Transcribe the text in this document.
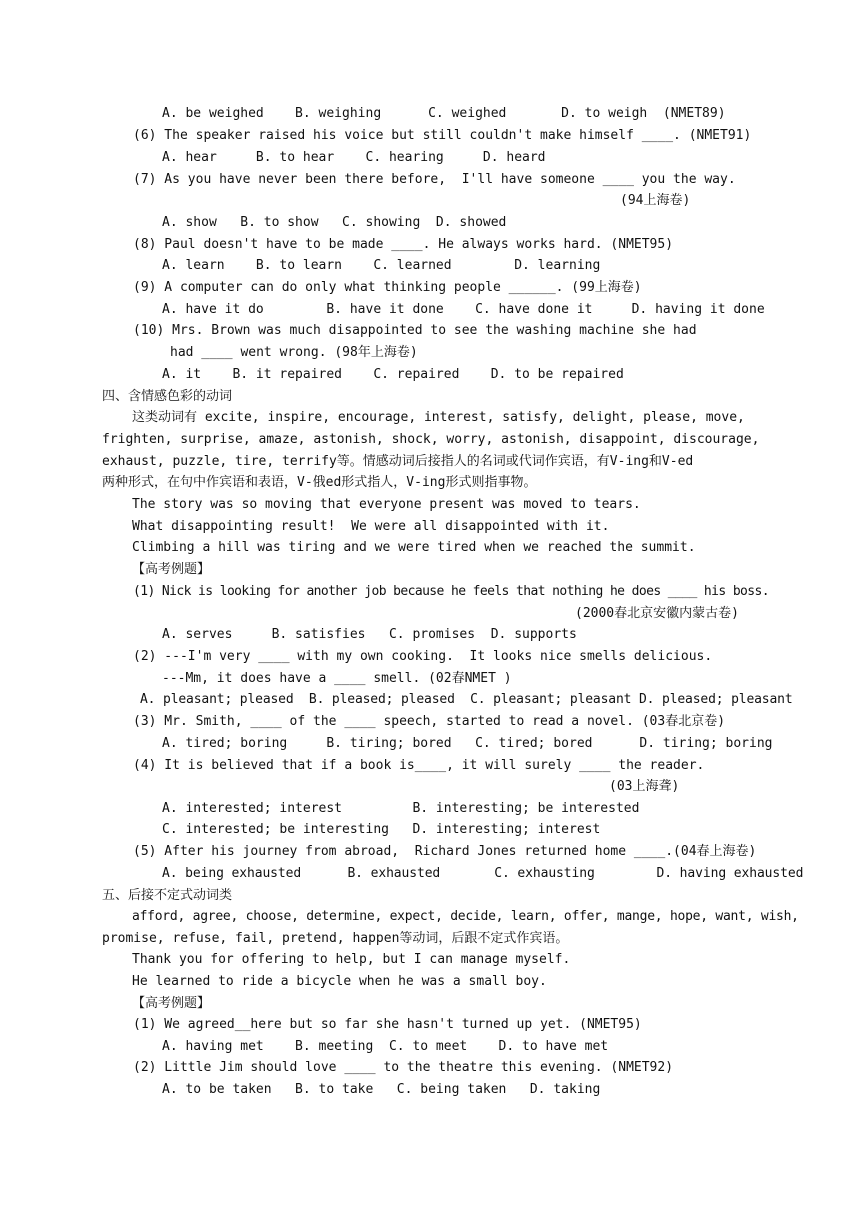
A. be weighed    B. weighing      C. weighed       D. to weigh  (NMET89)
(6) The speaker raised his voice but still couldn't make himself ____. (NMET91)
A. hear     B. to hear    C. hearing     D. heard
(7) As you have never been there before,  I'll have someone ____ you the way.
(94上海卷)
A. show   B. to show   C. showing  D. showed
(8) Paul doesn't have to be made ____. He always works hard. (NMET95)
A. learn    B. to learn    C. learned        D. learning
(9) A computer can do only what thinking people ______. (99上海卷)
A. have it do        B. have it done    C. have done it     D. having it done
(10) Mrs. Brown was much disappointed to see the washing machine she had
had ____ went wrong. (98年上海卷)
A. it    B. it repaired    C. repaired    D. to be repaired
四、含情感色彩的动词
这类动词有 excite, inspire, encourage, interest, satisfy, delight, please, move,
frighten, surprise, amaze, astonish, shock, worry, astonish, disappoint, discourage,
exhaust, puzzle, tire, terrify等。情感动词后接指人的名词或代词作宾语，有V-ing和V-ed
两种形式，在句中作宾语和表语，V-俄ed形式指人，V-ing形式则指事物。
The story was so moving that everyone present was moved to tears.
What disappointing result!  We were all disappointed with it.
Climbing a hill was tiring and we were tired when we reached the summit.
【高考例题】
(1) Nick is looking for another job because he feels that nothing he does ____ his boss.
(2000春北京安徽内蒙古卷)
A. serves     B. satisfies   C. promises  D. supports
(2) ---I'm very ____ with my own cooking.  It looks nice smells delicious.
---Mm, it does have a ____ smell. (02春NMET )
A. pleasant; pleased  B. pleased; pleased  C. pleasant; pleasant D. pleased; pleasant
(3) Mr. Smith, ____ of the ____ speech, started to read a novel. (03春北京卷)
A. tired; boring     B. tiring; bored   C. tired; bored      D. tiring; boring
(4) It is believed that if a book is____, it will surely ____ the reader.
(03上海聋)
A. interested; interest         B. interesting; be interested
C. interested; be interesting   D. interesting; interest
(5) After his journey from abroad,  Richard Jones returned home ____.(04春上海卷)
A. being exhausted      B. exhausted       C. exhausting        D. having exhausted
五、后接不定式动词类
afford, agree, choose, determine, expect, decide, learn, offer, mange, hope, want, wish,
promise, refuse, fail, pretend, happen等动词，后跟不定式作宾语。
Thank you for offering to help, but I can manage myself.
He learned to ride a bicycle when he was a small boy.
【高考例题】
(1) We agreed__here but so far she hasn't turned up yet. (NMET95)
A. having met    B. meeting  C. to meet    D. to have met
(2) Little Jim should love ____ to the theatre this evening. (NMET92)
A. to be taken   B. to take   C. being taken   D. taking
